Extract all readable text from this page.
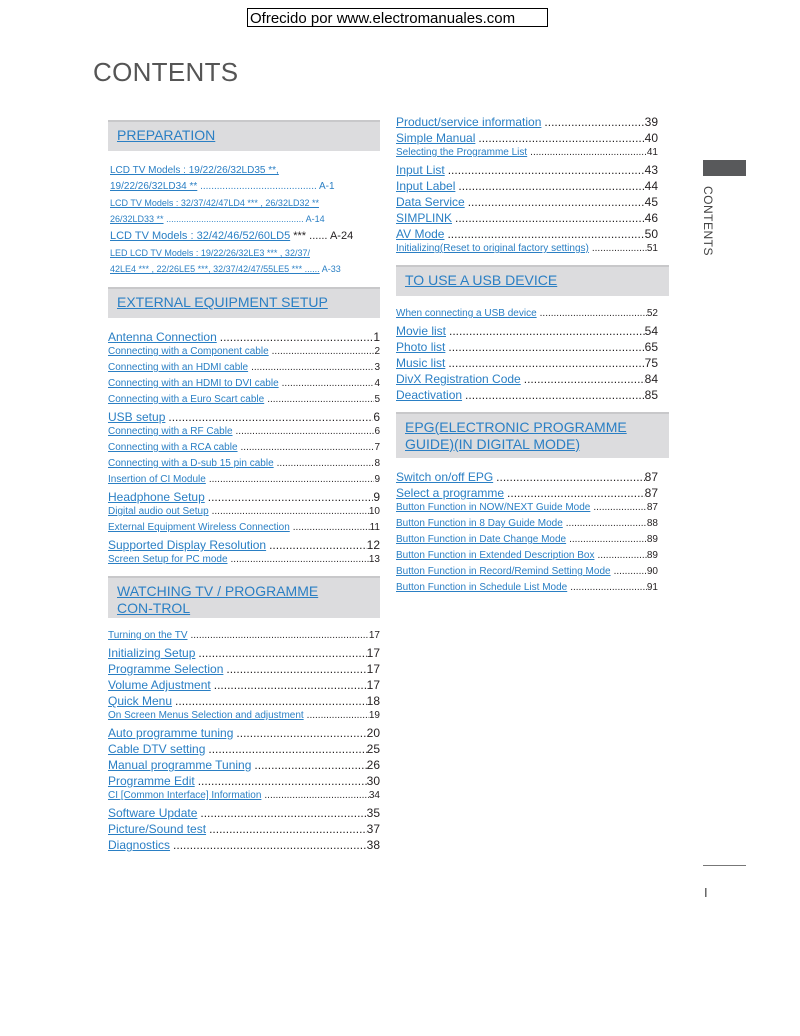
Ofrecido por www.electromanuales.com
CONTENTS
PREPARATION
LCD TV Models : 19/22/26/32LD35 **,
19/22/26/32LD34 ** .......................................... A-1
LCD TV Models : 32/37/42/47LD4 *** , 26/32LD32 **
26/32LD33 ** ....................................................... A-14
LCD TV Models : 32/42/46/52/60LD5 *** ...... A-24
LED LCD TV Models : 19/22/26/32LE3 *** , 32/37/
42LE4 *** , 22/26LE5 ***, 32/37/42/47/55LE5 *** ...... A-33
EXTERNAL EQUIPMENT SETUP
Antenna Connection .....	1
Connecting with a Component cable .....	2
Connecting with an HDMI cable .....	3
Connecting with an HDMI to DVI cable .....	4
Connecting with a Euro Scart cable .....	5
USB setup .....	6
Connecting with a RF Cable .....	6
Connecting with a RCA cable .....	7
Connecting with a D-sub 15 pin cable .....	8
Insertion of CI Module .....	9
Headphone Setup .....	9
Digital audio out Setup .....	10
External Equipment Wireless Connection .....	11
Supported Display Resolution .....	12
Screen Setup for PC mode .....	13
WATCHING TV / PROGRAMME CON-TROL
Turning on the TV .....	17
Initializing Setup .....	17
Programme Selection .....	17
Volume Adjustment .....	17
Quick Menu .....	18
On Screen Menus Selection and adjustment .....	19
Auto programme tuning .....	20
Cable DTV setting .....	25
Manual programme Tuning .....	26
Programme Edit .....	30
CI [Common Interface] Information .....	34
Software Update .....	35
Picture/Sound test .....	37
Diagnostics .....	38
Product/service information .....	39
Simple Manual .....	40
Selecting the Programme List .....	41
Input List .....	43
Input Label .....	44
Data Service .....	45
SIMPLINK .....	46
AV Mode .....	50
Initializing(Reset to original factory settings) .....	51
TO USE A USB DEVICE
When connecting a USB device .....	52
Movie list .....	54
Photo list .....	65
Music list .....	75
DivX Registration Code .....	84
Deactivation .....	85
EPG(ELECTRONIC PROGRAMME GUIDE)(IN DIGITAL MODE)
Switch on/off EPG .....	87
Select a programme .....	87
Button Function in NOW/NEXT Guide Mode .....	87
Button Function in 8 Day Guide Mode .....	88
Button Function in Date Change Mode .....	89
Button Function in Extended Description Box .....	89
Button Function in Record/Remind Setting Mode .....	90
Button Function in Schedule List Mode .....	91
CONTENTS
I
